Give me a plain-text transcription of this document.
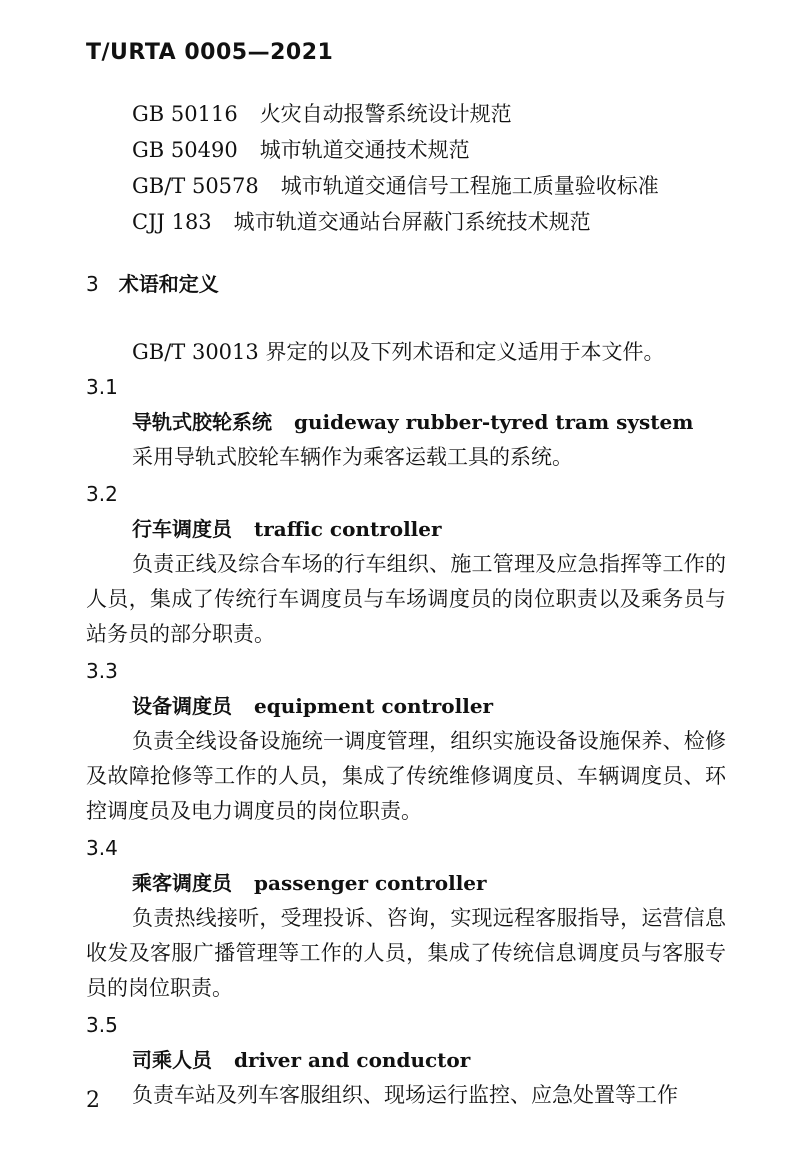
T/URTA 0005—2021
GB 50116 火灾自动报警系统设计规范
GB 50490 城市轨道交通技术规范
GB/T 50578 城市轨道交通信号工程施工质量验收标准
CJJ 183 城市轨道交通站台屏蔽门系统技术规范
3 术语和定义
GB/T 30013 界定的以及下列术语和定义适用于本文件。
3.1
导轨式胶轮系统 guideway rubber-tyred tram system

采用导轨式胶轮车辆作为乘客运载工具的系统。

3.2
行车调度员 traffic controller

负责正线及综合车场的行车组织、施工管理及应急指挥等工作的人员，集成了传统行车调度员与车场调度员的岗位职责以及乘务员与站务员的部分职责。

3.3
设备调度员 equipment controller

负责全线设备设施统一调度管理，组织实施设备设施保养、检修及故障抢修等工作的人员，集成了传统维修调度员、车辆调度员、环控调度员及电力调度员的岗位职责。

3.4
乘客调度员 passenger controller

负责热线接听，受理投诉、咨询，实现远程客服指导，运营信息收发及客服广播管理等工作的人员，集成了传统信息调度员与客服专员的岗位职责。

3.5
司乘人员 driver and conductor

负责车站及列车客服组织、现场运行监控、应急处置等工作

2
